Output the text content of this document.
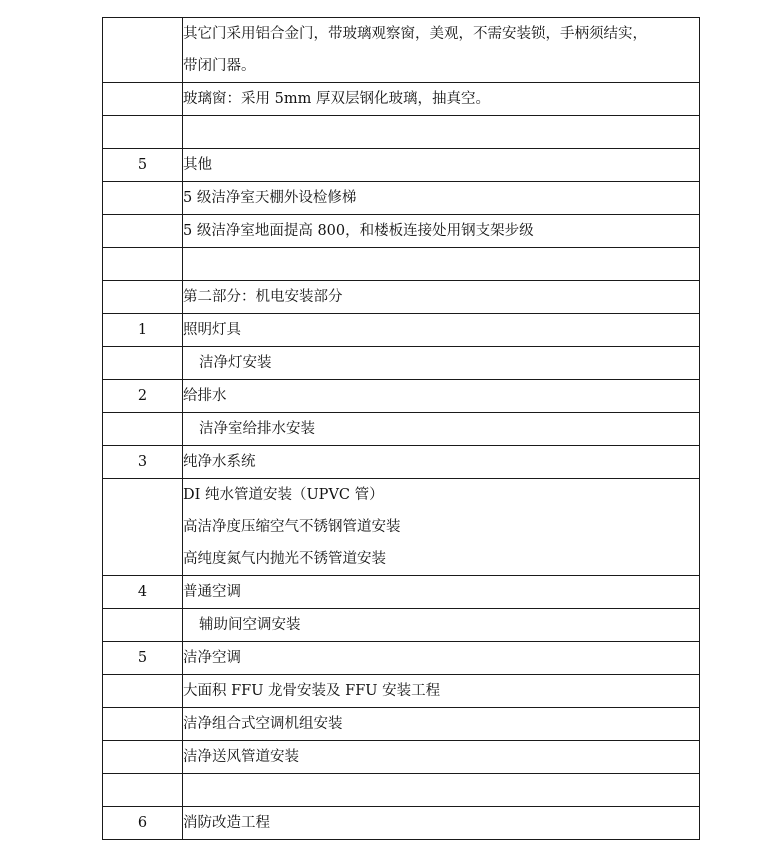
	其它门采用铝合金门，带玻璃观察窗，美观，不需安装锁，手柄须结实，
带闭门器。

	玻璃窗：采用 5mm 厚双层钢化玻璃，抽真空。

5	其他

	5 级洁净室天棚外设检修梯

	5 级洁净室地面提高 800，和楼板连接处用钢支架步级

	第二部分：机电安装部分

1	照明灯具

	洁净灯安装

2	给排水

	洁净室给排水安装

3	纯净水系统

	DI 纯水管道安装（UPVC 管）
高洁净度压缩空气不锈钢管道安装
高纯度氮气内抛光不锈管道安装

4	普通空调

	辅助间空调安装

5	洁净空调

	大面积 FFU 龙骨安装及 FFU 安装工程

	洁净组合式空调机组安装

	洁净送风管道安装

6	消防改造工程
